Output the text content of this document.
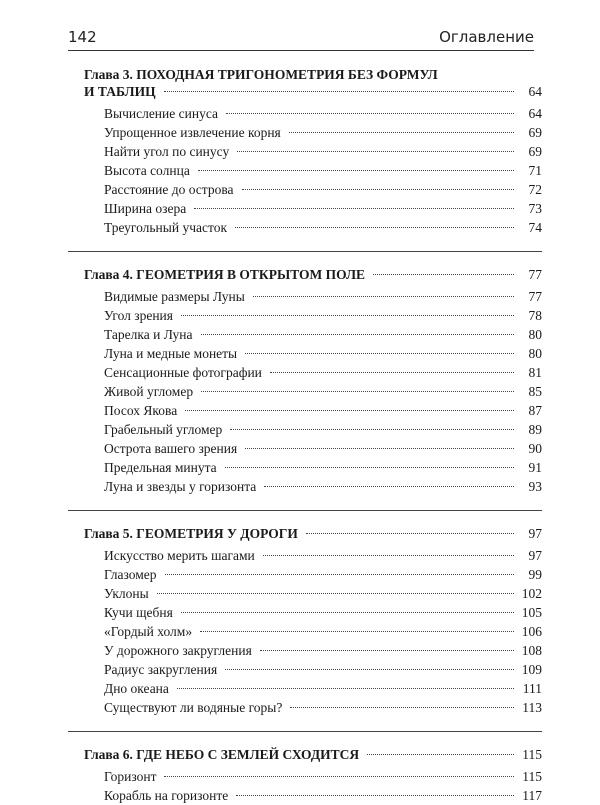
142	Оглавление
Глава 3. ПОХОДНАЯ ТРИГОНОМЕТРИЯ БЕЗ ФОРМУЛ
И ТАБЛИЦ	64
Вычисление синуса	64
Упрощенное извлечение корня	69
Найти угол по синусу	69
Высота солнца	71
Расстояние до острова	72
Ширина озера	73
Треугольный участок	74
Глава 4. ГЕОМЕТРИЯ В ОТКРЫТОМ ПОЛЕ	77
Видимые размеры Луны	77
Угол зрения	78
Тарелка и Луна	80
Луна и медные монеты	80
Сенсационные фотографии	81
Живой угломер	85
Посох Якова	87
Грабельный угломер	89
Острота вашего зрения	90
Предельная минута	91
Луна и звезды у горизонта	93
Глава 5. ГЕОМЕТРИЯ У ДОРОГИ	97
Искусство мерить шагами	97
Глазомер	99
Уклоны	102
Кучи щебня	105
«Гордый холм»	106
У дорожного закругления	108
Радиус закругления	109
Дно океана	111
Существуют ли водяные горы?	113
Глава 6. ГДЕ НЕБО С ЗЕМЛЕЙ СХОДИТСЯ	115
Горизонт	115
Корабль на горизонте	117
